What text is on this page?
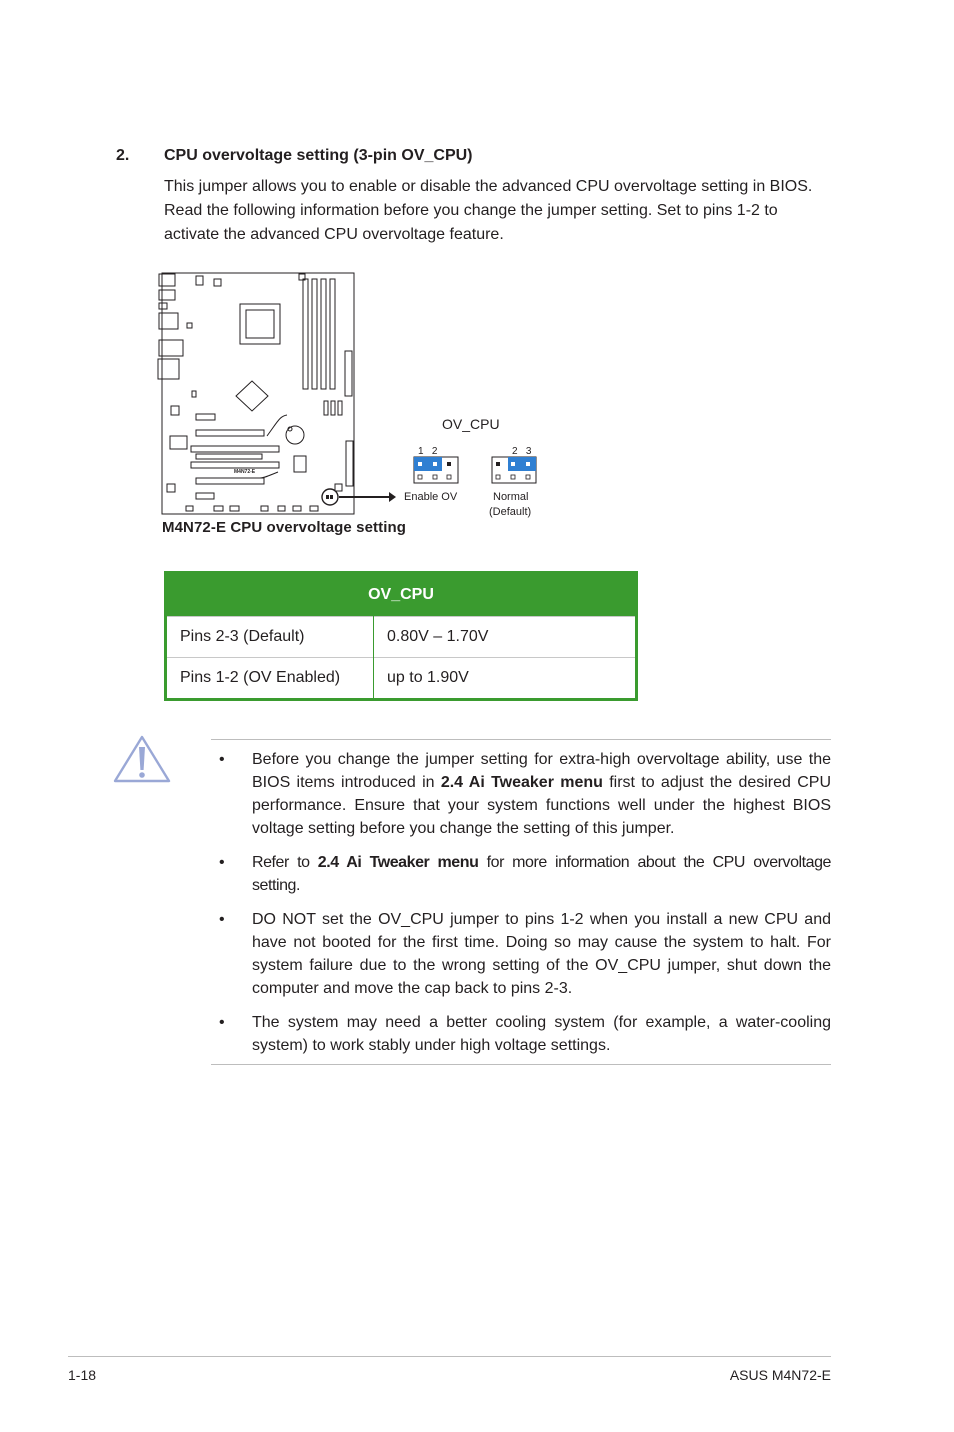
2. CPU overvoltage setting (3-pin OV_CPU)
This jumper allows you to enable or disable the advanced CPU overvoltage setting in BIOS. Read the following information before you change the jumper setting. Set to pins 1-2 to activate the advanced CPU overvoltage feature.
M4N72-E
OV_CPU
1   2	2   3
Enable OV	Normal
(Default)
M4N72-E CPU overvoltage setting
OV_CPU	
Pins 2-3 (Default)	0.80V – 1.70V
Pins 1-2 (OV Enabled)	up to 1.90V
• Before you change the jumper setting for extra-high overvoltage ability, use the BIOS items introduced in 2.4 Ai Tweaker menu first to adjust the desired CPU performance. Ensure that your system functions well under the highest BIOS voltage setting before you change the setting of this jumper.
• Refer to 2.4 Ai Tweaker menu for more information about the CPU overvoltage setting.
• DO NOT set the OV_CPU jumper to pins 1-2 when you install a new CPU and have not booted for the first time. Doing so may cause the system to halt. For system failure due to the wrong setting of the OV_CPU jumper, shut down the computer and move the cap back to pins 2-3.
• The system may need a better cooling system (for example, a water-cooling system) to work stably under high voltage settings.
1-18	ASUS M4N72-E
